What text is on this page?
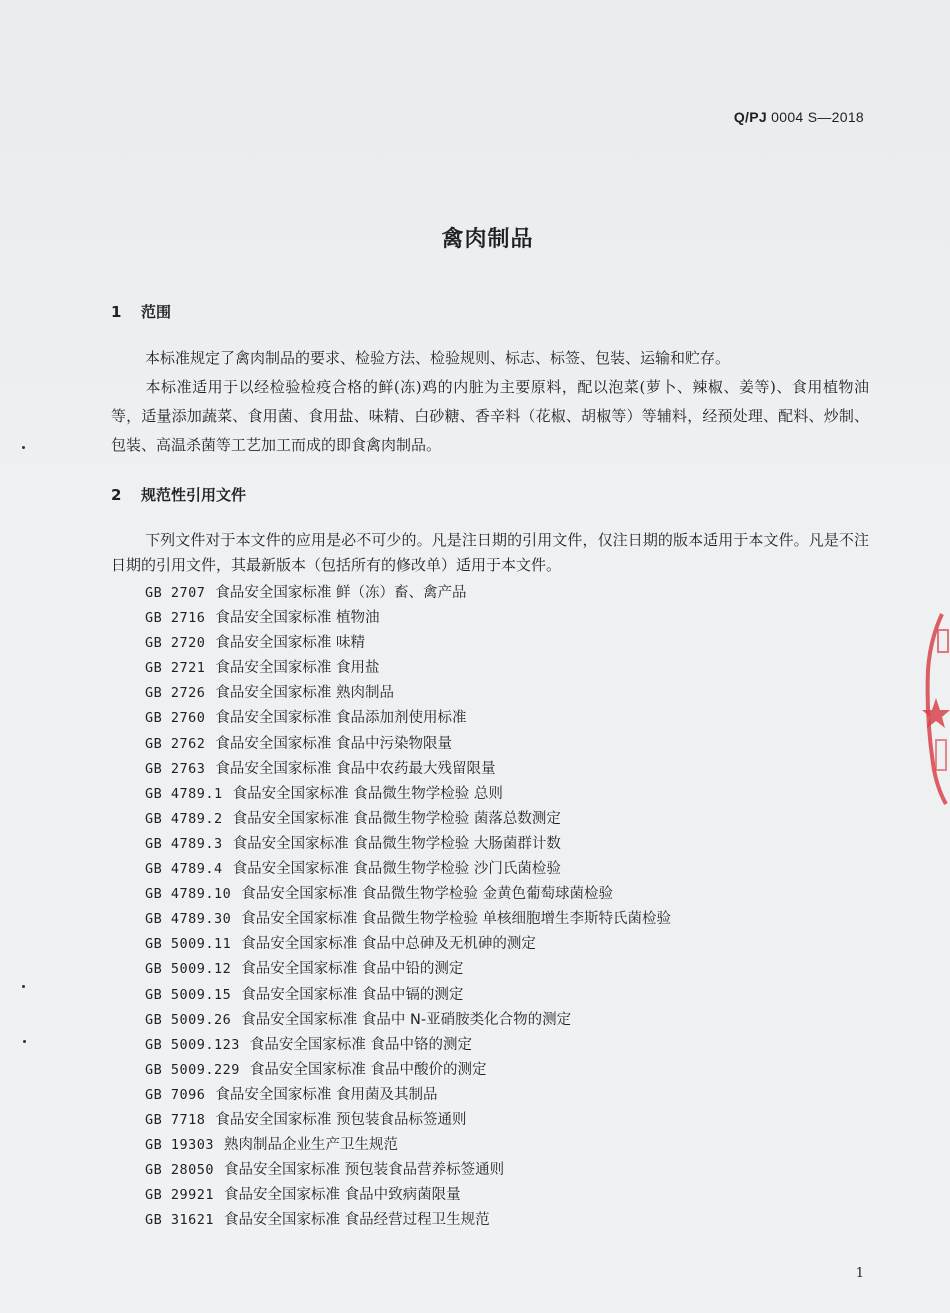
Q/PJ 0004 S—2018
禽肉制品
1 范围
本标准规定了禽肉制品的要求、检验方法、检验规则、标志、标签、包装、运输和贮存。
本标准适用于以经检验检疫合格的鲜(冻)鸡的内脏为主要原料，配以泡菜(萝卜、辣椒、姜等)、食用植物油等，适量添加蔬菜、食用菌、食用盐、味精、白砂糖、香辛料（花椒、胡椒等）等辅料，经预处理、配料、炒制、包装、高温杀菌等工艺加工而成的即食禽肉制品。
2 规范性引用文件
下列文件对于本文件的应用是必不可少的。凡是注日期的引用文件，仅注日期的版本适用于本文件。凡是不注日期的引用文件，其最新版本（包括所有的修改单）适用于本文件。
GB 2707 食品安全国家标准 鲜（冻）畜、禽产品
GB 2716 食品安全国家标准 植物油
GB 2720 食品安全国家标准 味精
GB 2721 食品安全国家标准 食用盐
GB 2726 食品安全国家标准 熟肉制品
GB 2760 食品安全国家标准 食品添加剂使用标准
GB 2762 食品安全国家标准 食品中污染物限量
GB 2763 食品安全国家标准 食品中农药最大残留限量
GB 4789.1 食品安全国家标准 食品微生物学检验 总则
GB 4789.2 食品安全国家标准 食品微生物学检验 菌落总数测定
GB 4789.3 食品安全国家标准 食品微生物学检验 大肠菌群计数
GB 4789.4 食品安全国家标准 食品微生物学检验 沙门氏菌检验
GB 4789.10 食品安全国家标准 食品微生物学检验 金黄色葡萄球菌检验
GB 4789.30 食品安全国家标准 食品微生物学检验 单核细胞增生李斯特氏菌检验
GB 5009.11 食品安全国家标准 食品中总砷及无机砷的测定
GB 5009.12 食品安全国家标准 食品中铅的测定
GB 5009.15 食品安全国家标准 食品中镉的测定
GB 5009.26 食品安全国家标准 食品中 N-亚硝胺类化合物的测定
GB 5009.123 食品安全国家标准 食品中铬的测定
GB 5009.229 食品安全国家标准 食品中酸价的测定
GB 7096 食品安全国家标准 食用菌及其制品
GB 7718 食品安全国家标准 预包装食品标签通则
GB 19303 熟肉制品企业生产卫生规范
GB 28050 食品安全国家标准 预包装食品营养标签通则
GB 29921 食品安全国家标准 食品中致病菌限量
GB 31621 食品安全国家标准 食品经营过程卫生规范
1
